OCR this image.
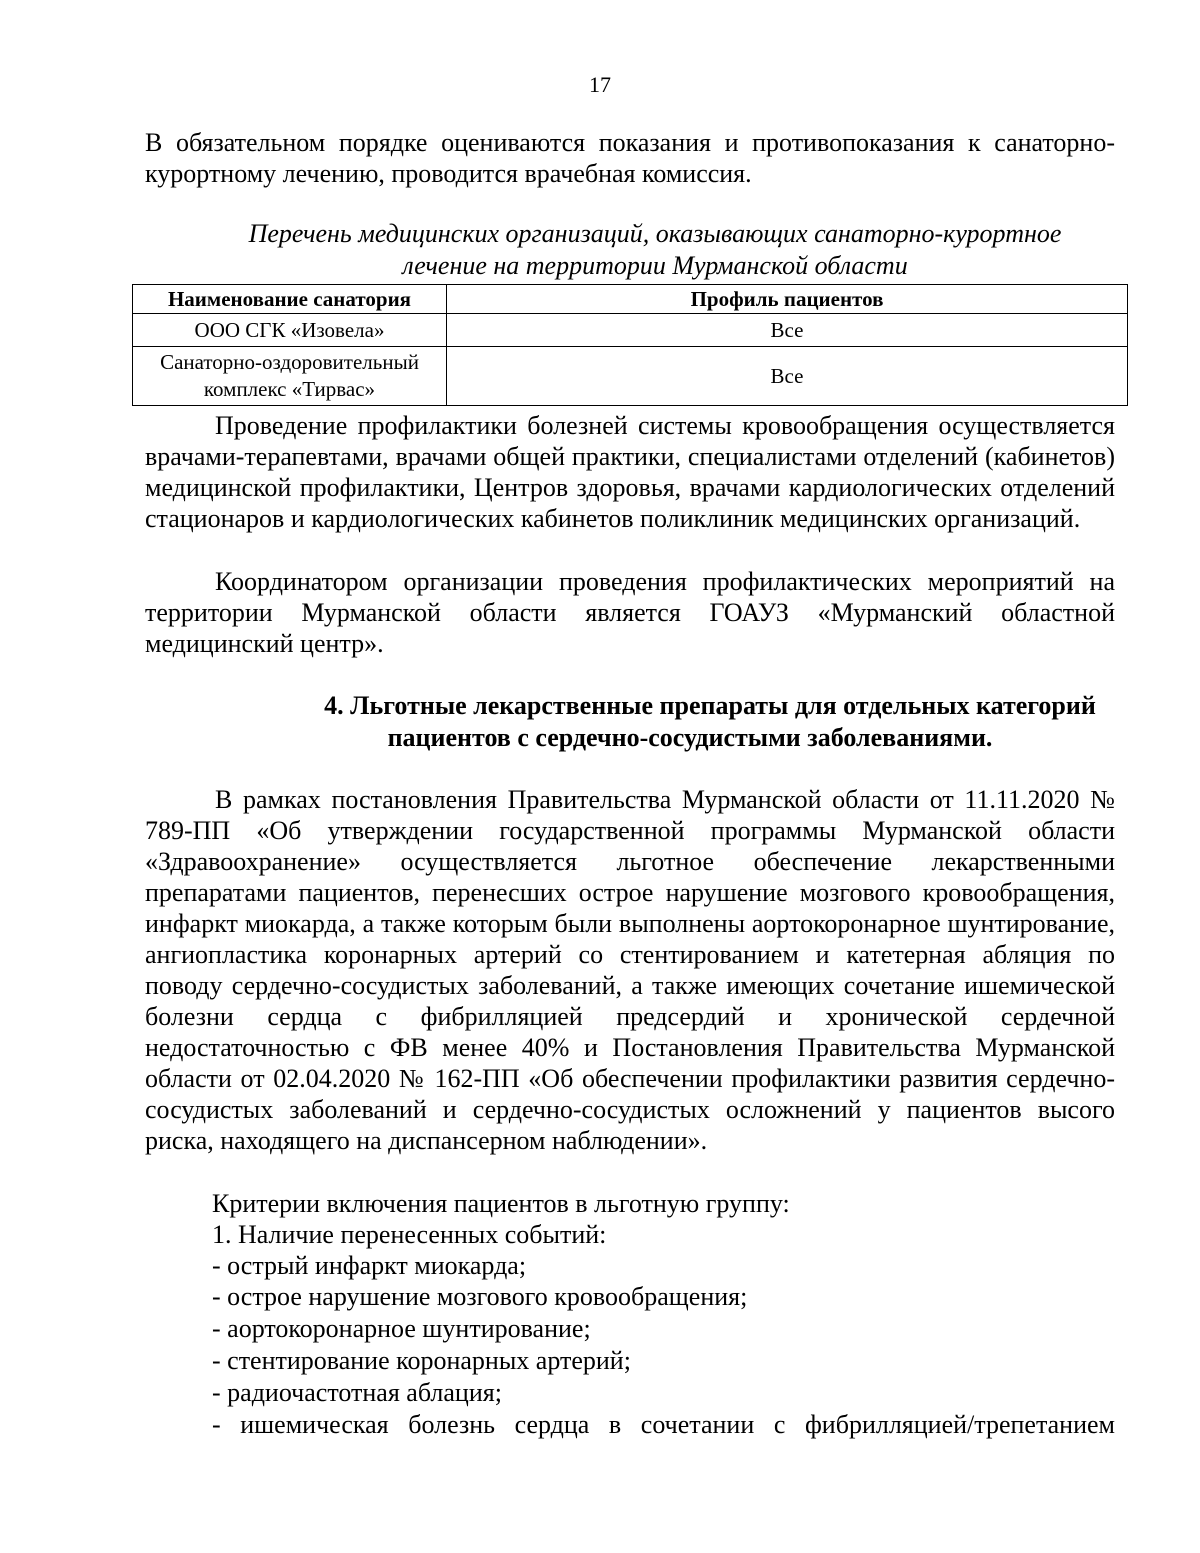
17

В обязательном порядке оцениваются показания и противопоказания к санаторно-курортному лечению, проводится врачебная комиссия.

Перечень медицинских организаций, оказывающих санаторно-курортное
лечение на территории Мурманской области
Наименование санатория	Профиль пациентов
ООО СГК «Изовела»	Все
Санаторно-оздоровительный комплекс «Тирвас»	Все

Проведение профилактики болезней системы кровообращения осуществляется врачами-терапевтами, врачами общей практики, специалистами отделений (кабинетов) медицинской профилактики, Центров здоровья, врачами кардиологических отделений стационаров и кардиологических кабинетов поликлиник медицинских организаций.

Координатором организации проведения профилактических мероприятий на территории Мурманской области является ГОАУЗ «Мурманский областной медицинский центр».

4. Льготные лекарственные препараты для отдельных категорий
пациентов с сердечно-сосудистыми заболеваниями.

В рамках постановления Правительства Мурманской области от 11.11.2020 № 789-ПП «Об утверждении государственной программы Мурманской области «Здравоохранение» осуществляется льготное обеспечение лекарственными препаратами пациентов, перенесших острое нарушение мозгового кровообращения, инфаркт миокарда, а также которым были выполнены аортокоронарное шунтирование, ангиопластика коронарных артерий со стентированием и катетерная абляция по поводу сердечно-сосудистых заболеваний, а также имеющих сочетание ишемической болезни сердца с фибрилляцией предсердий и хронической сердечной недостаточностью с ФВ менее 40% и Постановления Правительства Мурманской области от 02.04.2020 № 162-ПП «Об обеспечении профилактики развития сердечно-сосудистых заболеваний и сердечно-сосудистых осложнений у пациентов высого риска, находящего на диспансерном наблюдении».

Критерии включения пациентов в льготную группу:

1. Наличие перенесенных событий:

- острый инфаркт миокарда;

- острое нарушение мозгового кровообращения;

- аортокоронарное шунтирование;

- стентирование коронарных артерий;

- радиочастотная аблация;

- ишемическая болезнь сердца в сочетании с фибрилляцией/трепетанием
